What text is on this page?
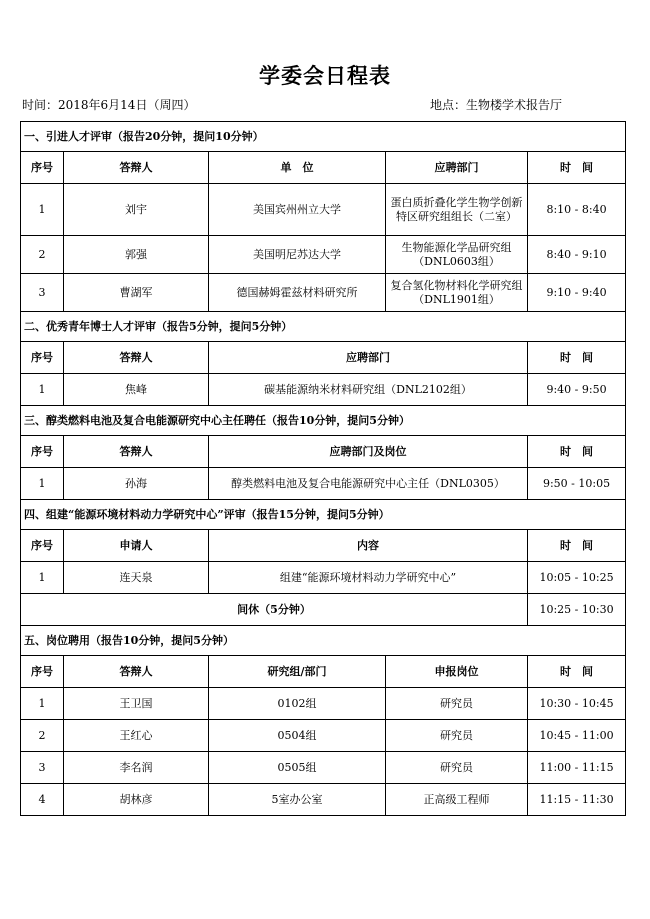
学委会日程表
时间：2018年6月14日（周四）	地点：生物楼学术报告厅
一、引进人才评审（报告20分钟，提问10分钟）				
序号	答辩人	单　位	应聘部门	时　间
1	刘宇	美国宾州州立大学	蛋白质折叠化学生物学创新特区研究组组长（二室）	8:10 - 8:40
2	郭强	美国明尼苏达大学	生物能源化学品研究组（DNL0603组）	8:40 - 9:10
3	曹湖军	德国赫姆霍兹材料研究所	复合氢化物材料化学研究组（DNL1901组）	9:10 - 9:40
二、优秀青年博士人才评审（报告5分钟，提问5分钟）				
序号	答辩人	应聘部门		时　间
1	焦峰	碳基能源纳米材料研究组（DNL2102组）		9:40 - 9:50
三、醇类燃料电池及复合电能源研究中心主任聘任（报告10分钟，提问5分钟）				
序号	答辩人	应聘部门及岗位		时　间
1	孙海	醇类燃料电池及复合电能源研究中心主任（DNL0305）		9:50 - 10:05
四、组建“能源环境材料动力学研究中心”评审（报告15分钟，提问5分钟）				
序号	申请人	内容		时　间
1	连天泉	组建“能源环境材料动力学研究中心”		10:05 - 10:25
间休（5分钟）				10:25 - 10:30
五、岗位聘用（报告10分钟，提问5分钟）				
序号	答辩人	研究组/部门	申报岗位	时　间
1	王卫国	0102组	研究员	10:30 - 10:45
2	王红心	0504组	研究员	10:45 - 11:00
3	李名润	0505组	研究员	11:00 - 11:15
4	胡林彦	5室办公室	正高级工程师	11:15 - 11:30
